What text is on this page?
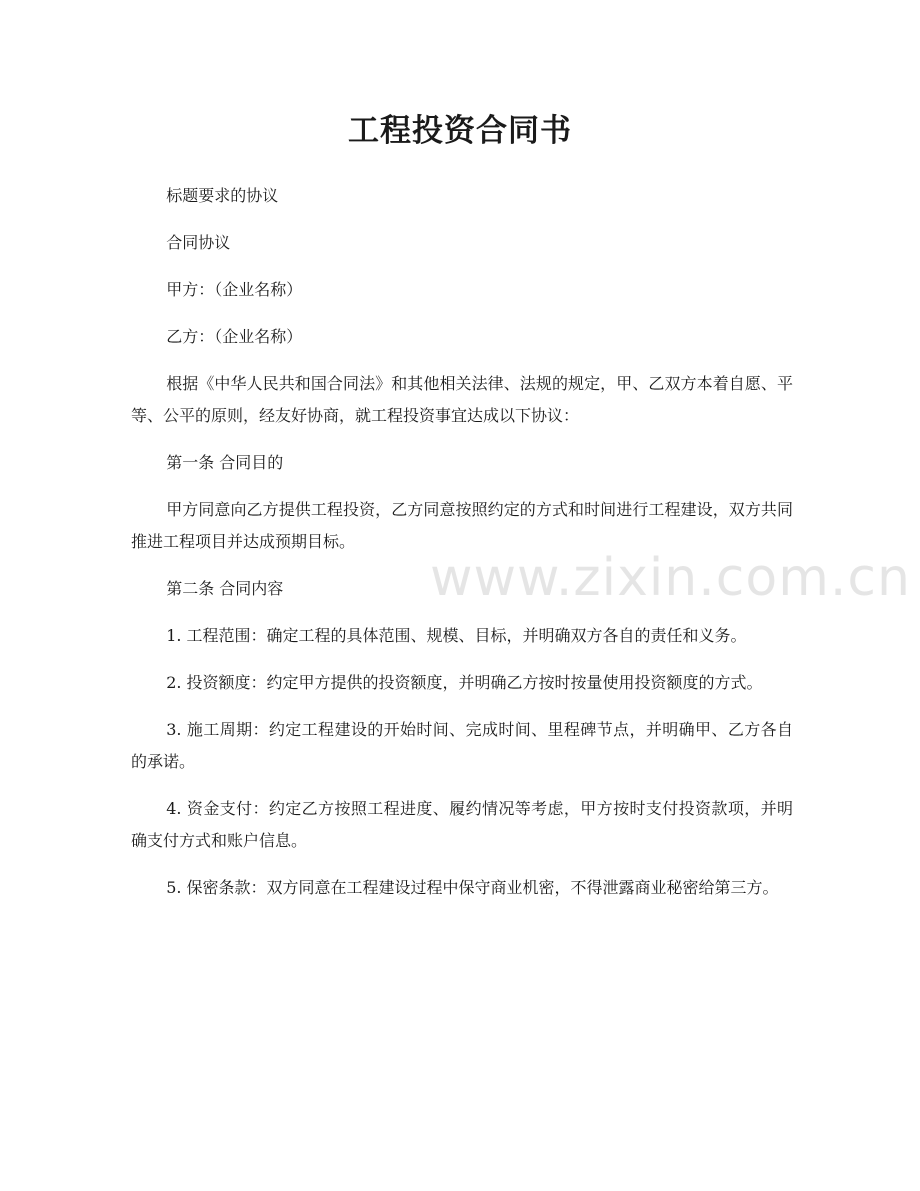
工程投资合同书

标题要求的协议

合同协议

甲方：（企业名称）

乙方：（企业名称）

根据《中华人民共和国合同法》和其他相关法律、法规的规定，甲、乙双方本着自愿、平等、公平的原则，经友好协商，就工程投资事宜达成以下协议：

第一条 合同目的

甲方同意向乙方提供工程投资，乙方同意按照约定的方式和时间进行工程建设，双方共同推进工程项目并达成预期目标。

第二条 合同内容

1. 工程范围：确定工程的具体范围、规模、目标，并明确双方各自的责任和义务。

2. 投资额度：约定甲方提供的投资额度，并明确乙方按时按量使用投资额度的方式。

3. 施工周期：约定工程建设的开始时间、完成时间、里程碑节点，并明确甲、乙方各自的承诺。

4. 资金支付：约定乙方按照工程进度、履约情况等考虑，甲方按时支付投资款项，并明确支付方式和账户信息。

5. 保密条款：双方同意在工程建设过程中保守商业机密，不得泄露商业秘密给第三方。

www.zixin.com.cn
